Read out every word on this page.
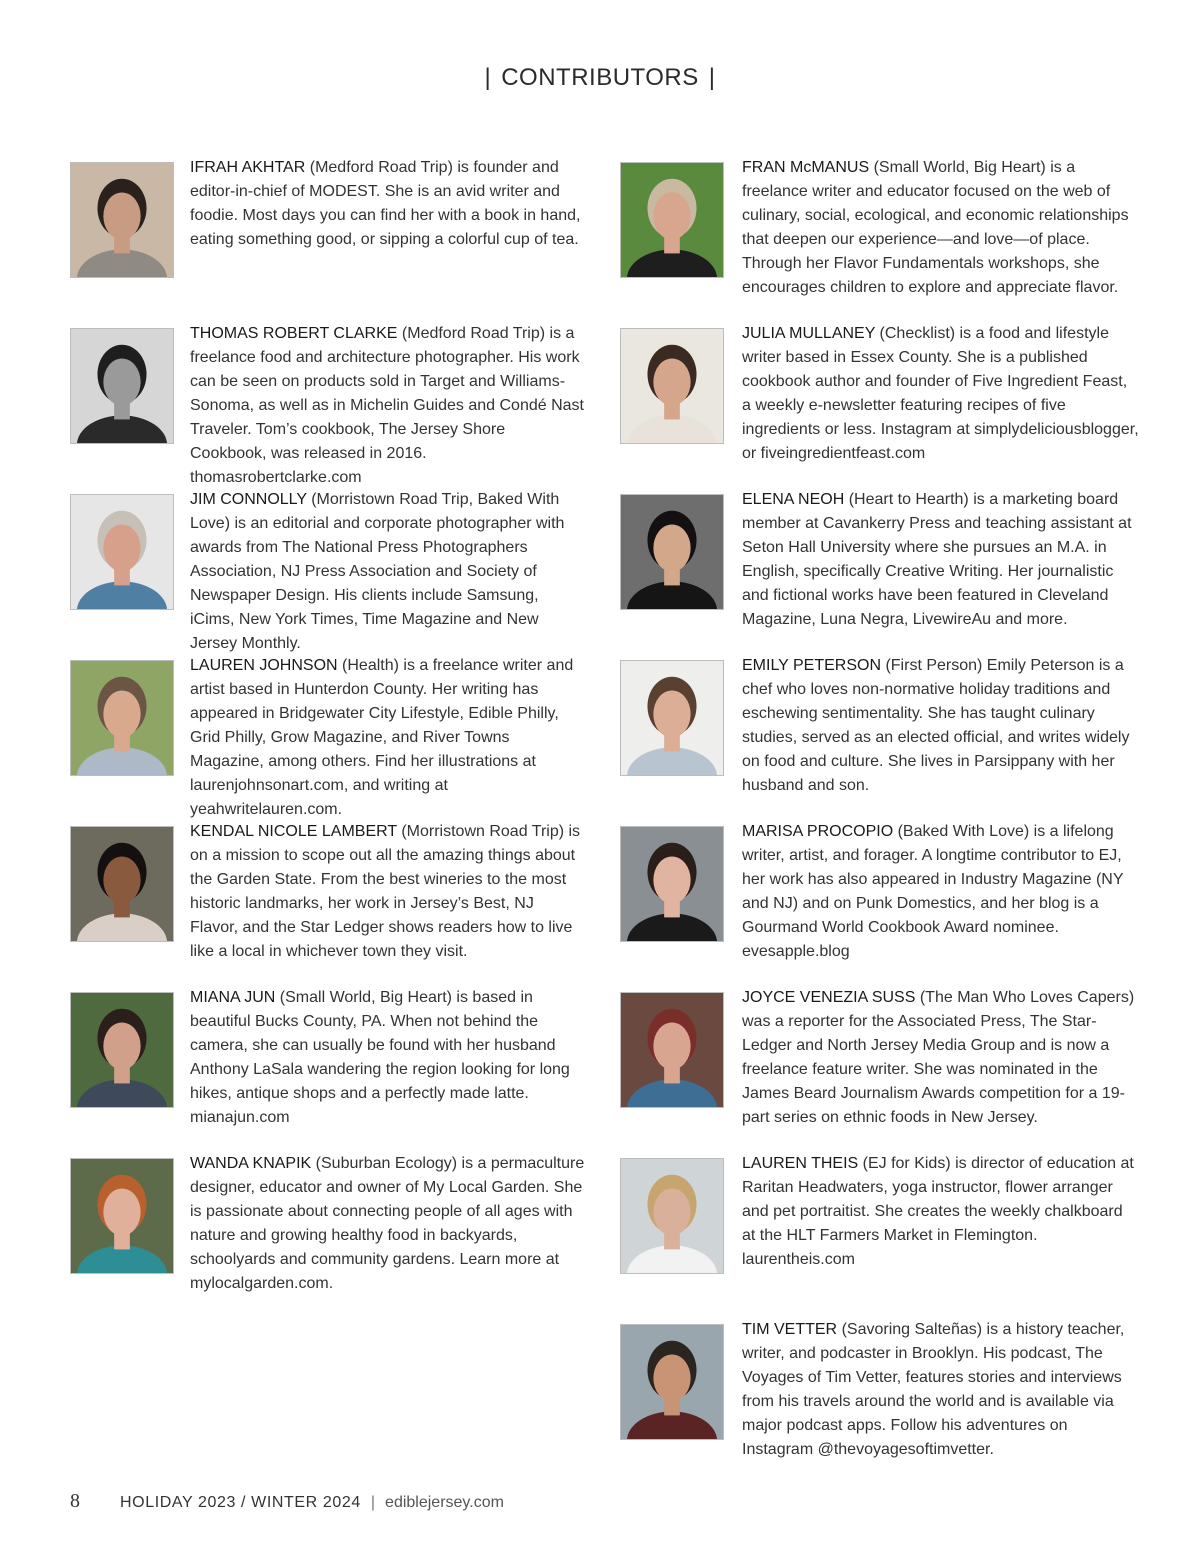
| CONTRIBUTORS |
IFRAH AKHTAR (Medford Road Trip) is founder and editor-in-chief of MODEST. She is an avid writer and foodie. Most days you can find her with a book in hand, eating something good, or sipping a colorful cup of tea.
THOMAS ROBERT CLARKE (Medford Road Trip) is a freelance food and architecture photographer. His work can be seen on products sold in Target and Williams-Sonoma, as well as in Michelin Guides and Condé Nast Traveler. Tom’s cookbook, The Jersey Shore Cookbook, was released in 2016. thomasrobertclarke.com
JIM CONNOLLY (Morristown Road Trip, Baked With Love) is an editorial and corporate photographer with awards from The National Press Photographers Association, NJ Press Association and Society of Newspaper Design. His clients include Samsung, iCims, New York Times, Time Magazine and New Jersey Monthly.
LAUREN JOHNSON (Health) is a freelance writer and artist based in Hunterdon County. Her writing has appeared in Bridgewater City Lifestyle, Edible Philly, Grid Philly, Grow Magazine, and River Towns Magazine, among others. Find her illustrations at laurenjohnsonart.com, and writing at yeahwritelauren.com.
KENDAL NICOLE LAMBERT (Morristown Road Trip) is on a mission to scope out all the amazing things about the Garden State. From the best wineries to the most historic landmarks, her work in Jersey’s Best, NJ Flavor, and the Star Ledger shows readers how to live like a local in whichever town they visit.
MIANA JUN (Small World, Big Heart) is based in beautiful Bucks County, PA. When not behind the camera, she can usually be found with her husband Anthony LaSala wandering the region looking for long hikes, antique shops and a perfectly made latte. mianajun.com
WANDA KNAPIK (Suburban Ecology) is a permaculture designer, educator and owner of My Local Garden. She is passionate about connecting people of all ages with nature and growing healthy food in backyards, schoolyards and community gardens. Learn more at mylocalgarden.com.
FRAN McMANUS (Small World, Big Heart) is a freelance writer and educator focused on the web of culinary, social, ecological, and economic relationships that deepen our experience—and love—of place. Through her Flavor Fundamentals workshops, she encourages children to explore and appreciate flavor.
JULIA MULLANEY (Checklist) is a food and lifestyle writer based in Essex County. She is a published cookbook author and founder of Five Ingredient Feast, a weekly e-newsletter featuring recipes of five ingredients or less. Instagram at simplydeliciousblogger, or fiveingredientfeast.com
ELENA NEOH (Heart to Hearth) is a marketing board member at Cavankerry Press and teaching assistant at Seton Hall University where she pursues an M.A. in English, specifically Creative Writing. Her journalistic and fictional works have been featured in Cleveland Magazine, Luna Negra, LivewireAu and more.
EMILY PETERSON (First Person) Emily Peterson is a chef who loves non-normative holiday traditions and eschewing sentimentality. She has taught culinary studies, served as an elected official, and writes widely on food and culture. She lives in Parsippany with her husband and son.
MARISA PROCOPIO (Baked With Love) is a lifelong writer, artist, and forager. A longtime contributor to EJ, her work has also appeared in Industry Magazine (NY and NJ) and on Punk Domestics, and her blog is a Gourmand World Cookbook Award nominee. evesapple.blog
JOYCE VENEZIA SUSS (The Man Who Loves Capers) was a reporter for the Associated Press, The Star-Ledger and North Jersey Media Group and is now a freelance feature writer. She was nominated in the James Beard Journalism Awards competition for a 19-part series on ethnic foods in New Jersey.
LAUREN THEIS (EJ for Kids) is director of education at Raritan Headwaters, yoga instructor, flower arranger and pet portraitist. She creates the weekly chalkboard at the HLT Farmers Market in Flemington. laurentheis.com
TIM VETTER (Savoring Salteñas) is a history teacher, writer, and podcaster in Brooklyn. His podcast, The Voyages of Tim Vetter, features stories and interviews from his travels around the world and is available via major podcast apps. Follow his adventures on Instagram @thevoyagesoftimvetter.
8	HOLIDAY 2023 / WINTER 2024 | ediblejersey.com
